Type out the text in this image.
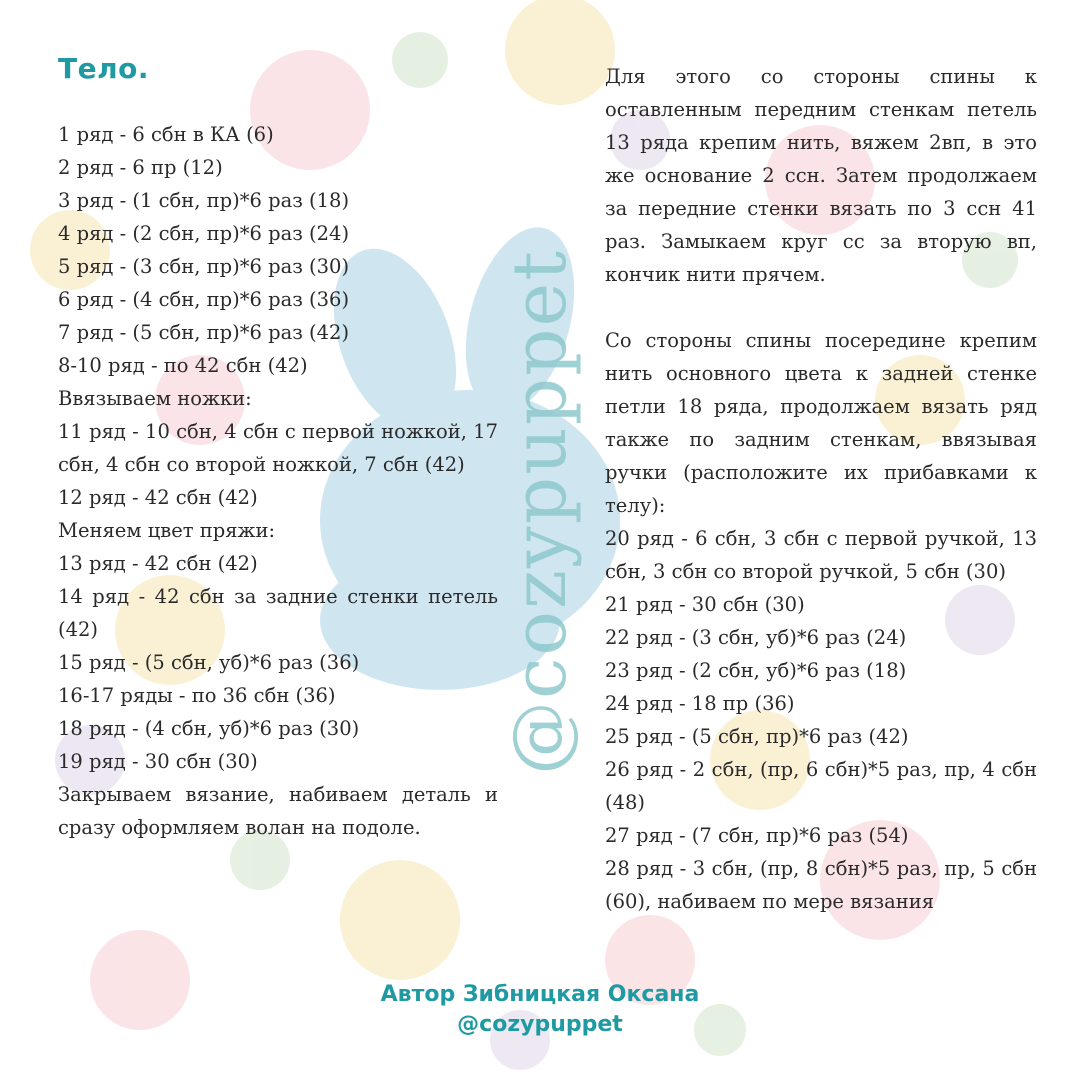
@cozypuppet
Тело.
1 ряд - 6 сбн в КА (6)
2 ряд - 6 пр (12)
3 ряд - (1 сбн, пр)*6 раз (18)
4 ряд - (2 сбн, пр)*6 раз (24)
5 ряд - (3 сбн, пр)*6 раз (30)
6 ряд - (4 сбн, пр)*6 раз (36)
7 ряд - (5 сбн, пр)*6 раз (42)
8-10 ряд - по 42 сбн (42)
Ввязываем ножки:
11 ряд - 10 сбн, 4 сбн с первой ножкой, 17
сбн, 4 сбн со второй ножкой, 7 сбн (42)
12 ряд - 42 сбн (42)
Меняем цвет пряжи:
13 ряд - 42 сбн (42)
14 ряд - 42 сбн за задние стенки петель
(42)
15 ряд - (5 сбн, уб)*6 раз (36)
16-17 ряды - по 36 сбн (36)
18 ряд - (4 сбн, уб)*6 раз (30)
19 ряд - 30 сбн (30)
Закрываем вязание, набиваем деталь и
сразу оформляем волан на подоле.
Для этого со стороны спины к
оставленным передним стенкам петель
13 ряда крепим нить, вяжем 2вп, в это
же основание 2 ссн. Затем продолжаем
за передние стенки вязать по 3 ссн 41
раз. Замыкаем круг сс за вторую вп,
кончик нити прячем.
Со стороны спины посередине крепим
нить основного цвета к задней стенке
петли 18 ряда, продолжаем вязать ряд
также по задним стенкам, ввязывая
ручки (расположите их прибавками к
телу):
20 ряд - 6 сбн, 3 сбн с первой ручкой, 13
сбн, 3 сбн со второй ручкой, 5 сбн (30)
21 ряд - 30 сбн (30)
22 ряд - (3 сбн, уб)*6 раз (24)
23 ряд - (2 сбн, уб)*6 раз (18)
24 ряд - 18 пр (36)
25 ряд - (5 сбн, пр)*6 раз (42)
26 ряд - 2 сбн, (пр, 6 сбн)*5 раз, пр, 4 сбн
(48)
27 ряд - (7 сбн, пр)*6 раз (54)
28 ряд - 3 сбн, (пр, 8 сбн)*5 раз, пр, 5 сбн
(60), набиваем по мере вязания
Автор Зибницкая Оксана
@cozypuppet
